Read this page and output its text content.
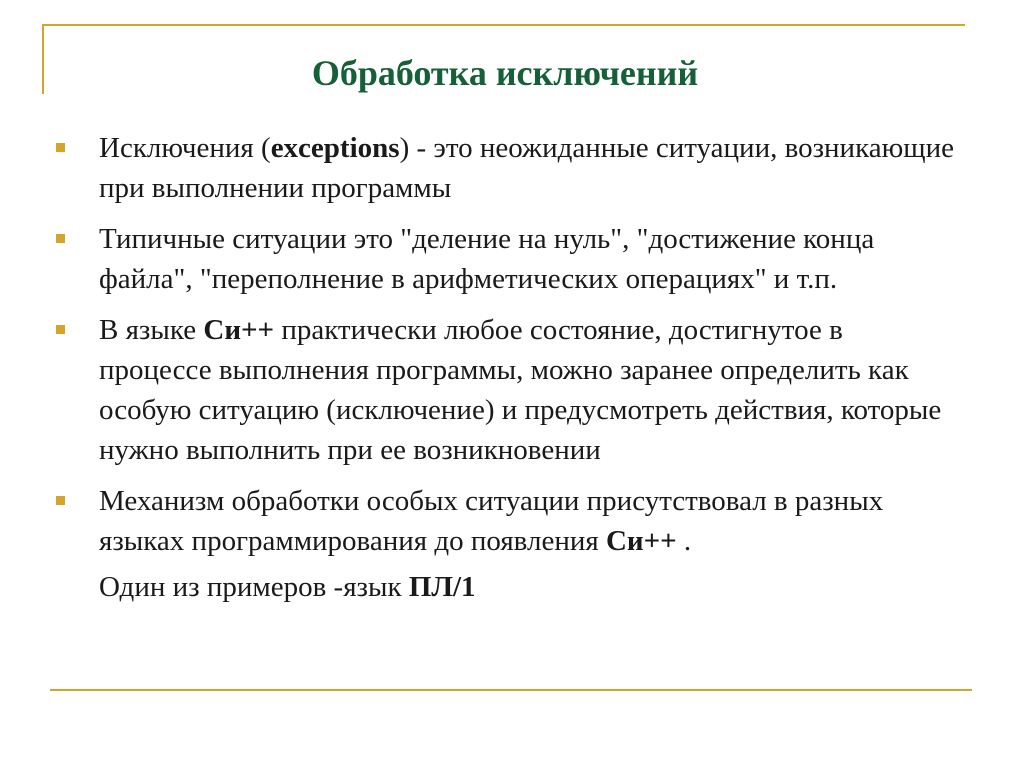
Обработка исключений
Исключения (exceptions) - это неожиданные ситуации, возникающие при выполнении программы
Типичные ситуации это "деление на нуль", "достижение конца файла", "переполнение в арифметических операциях" и т.п.
В языке Си++ практически любое состояние, достигнутое в процессе выполнения программы, можно заранее определить как особую ситуацию (исключение) и предусмотреть действия, которые нужно выполнить при ее возникновении
Механизм обработки особых ситуации присутствовал в разных языках программирования до появления Си++ .
Один из примеров -язык ПЛ/1
